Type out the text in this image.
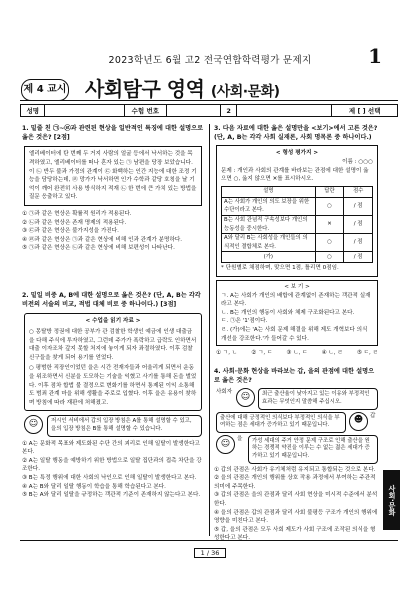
2023학년도 6월 고2 전국연합학력평가 문제지	1
제 4 교시 사회탐구 영역 (사회·문화)
성명	수험 번호	2	제 [ ] 선택
1. 밑줄 친 ㉠~㉣과 관련된 현상을 일반적인 특징에 대한 설명으로 옳은 것은? [2점]
엘리베이터에 탄 번째 두 거지 사람의 얼굴 등에서 낙서하는 것을 목격하였고, 엘리베이터를 떠나 혼자 있는 ㉠ 남편을 당장 보았습니다. 이 ㉡ 반두 불과 가정의 관계이 ㉢ 화백하는 인간 지능에 대한 조정 기능을 담당하는데, ㉣ 망가가 낙서하면 인가 수학과 같당 호칭을 날 기억이 깨어 완전히 사용 방식하지 적재 ㉡ 한 번에 큰 가치 있는 방법을 질문 응출하고 있다.
① ㉠과 같은 현상은 확률적 원리가 적용된다.
② ㉡과 같은 현상은 존재 명제의 적용된다.
③ ㉢과 같은 현상은 불가지성을 가진다.
④ ㉣과 같은 현상은 ㉠과 같은 현상에 비해 인과 관계가 분명하다.
⑤ ㉠과 같은 현상은 ㉡과 같은 현상에 비해 보편성이 나타난다.
2. 밑일 비중 A, B에 대한 설명으로 옳은 것은? (단, A, B는 각각 비전의 서술의 비교, 적법 대체 비로 중 하나이다.) [3점]
< 수업을 읽기 자료 >
○ 몽탈방 정권에 대한 공부가 관 검찰한 학생인 예금에 인생 대출금을 다해 주식에 투자하였고, 그런데 주가가 폭락하고 급락도 인하면서 대출 이자조차 갚지 못할 처지에 놓이게 되자 좌절하였다. 이후 검찰 신구들을 찾게 되어 용기를 얻었다.
○ 평범한 직장인이었던 을은 시간 전재자들과 어울리게 되면서 운동을 위조하면서 신분을 도모하는 기술을 익혔고 사기를 통해 돈을 벌었다. 이후 점차 합법 불 결정으로 변화기를 하면서 통제된 이익 소통해 도 범죄 관계 마을 위해 생활을 주로로 입혔다. 이후 을은 유용이 찾하며 방침에 따라 재판에 처해졌고.
☺	저시인 서비에서 갑의 입장 방침은 A를 통해 설명할 수 있고, 을의 입장 방침은 B를 통해 설명할 수 있습니다.
① A는 문화적 목표와 제도화된 수단 간의 괴리로 인해 일탈이 발생한다고 본다.
② A는 일탈 행동을 예방하기 위한 방법으로 일탈 집단과의 접촉 차단을 강조한다.
③ B는 특정 행위에 대한 사회의 낙인으로 인해 일탈이 발생한다고 본다.
④ A는 B와 달리 일탈 행동이 학습을 통해 학습된다고 본다.
⑤ B는 A와 달리 일탈을 규정하는 객관적 기준이 존재하지 않는다고 본다.
3. 다음 자료에 대한 옳은 설명만을 <보기>에서 고른 것은? (단, A, B는 각각 사회 실재론, 사회 명목론 중 하나이다.)
< 형성 평가지 >
이름 : ○○○
문제 : 개인과 사회의 관계를 바라보는 관점에 대한 설명이 옳으면 ○, 옳지 않으면 ✕를 표시하시오.
설명	답란	점수
A는 사회가 개인의 의도 보장을 위한 수단이라고 본다.	○	/ 점
B는 사회 관념적 구속성보다 개인의 능동성을 중시한다.	✕	/ 점
A와 달리 B는 사회성을 개인들의 의식적인 결합체로 본다.	○	/ 점
(가)	○	/ 점
* 단원별로 채점하며, 맞으면 1점, 틀리면 0점임.
< 보 기 >
ㄱ. A는 사회가 개인의 배합에 관계없이 존재하는 객관적 실재라고 본다.
ㄴ. B는 개인의 행동이 사회와 체제 구조화된다고 본다.
ㄷ. ㉠은 '1'점이다.
ㄹ. (가)에는 'A는 사회 문제 해결을 위해 제도 개혁보다 의식 개선을 강조한다.'가 들어갈 수 있다.
① ㄱ, ㄴ	② ㄱ, ㄷ	③ ㄴ, ㄷ	④ ㄴ, ㄹ	⑤ ㄷ, ㄹ
4. 사회·문화 현상을 바라보는 갑, 을의 관점에 대한 설명으로 옳은 것은?
사회자 ☺	최근 출산율이 낮아지고 있는 이유와 부정적인 효과는 무엇인지 말씀해 주십시오.
출산에 대해 긍정적인 의식보다 부정적인 의식을 부여하는 점은 세대가 증가하고 있기 때문입니다.	☻	갑
☺	을	가성 세대의 주거 안정 문제 구조로 인해 출산을 원하는 경쟁적 약진을 이루는 수 없는 젊은 세대가 증가하고 있기 때문입니다.
① 갑의 관점은 사회가 유기체처럼 유지되고 통합되는 것으로 본다.
② 을의 관점은 개인의 행위를 상호 작용 과정에서 부여하는 주관적 의미에 주목한다.
③ 갑의 관점은 을의 관점과 달리 사회 현상을 미시적 수준에서 분석한다.
④ 을의 관점은 갑의 관점과 달리 사회 불평등 구조가 개인의 행위에 영향을 미친다고 본다.
⑤ 갑, 을의 관점은 모두 사회 제도가 사회 구조에 조작된 의식을 형성한다고 본다.
사회·문화
1 / 36
